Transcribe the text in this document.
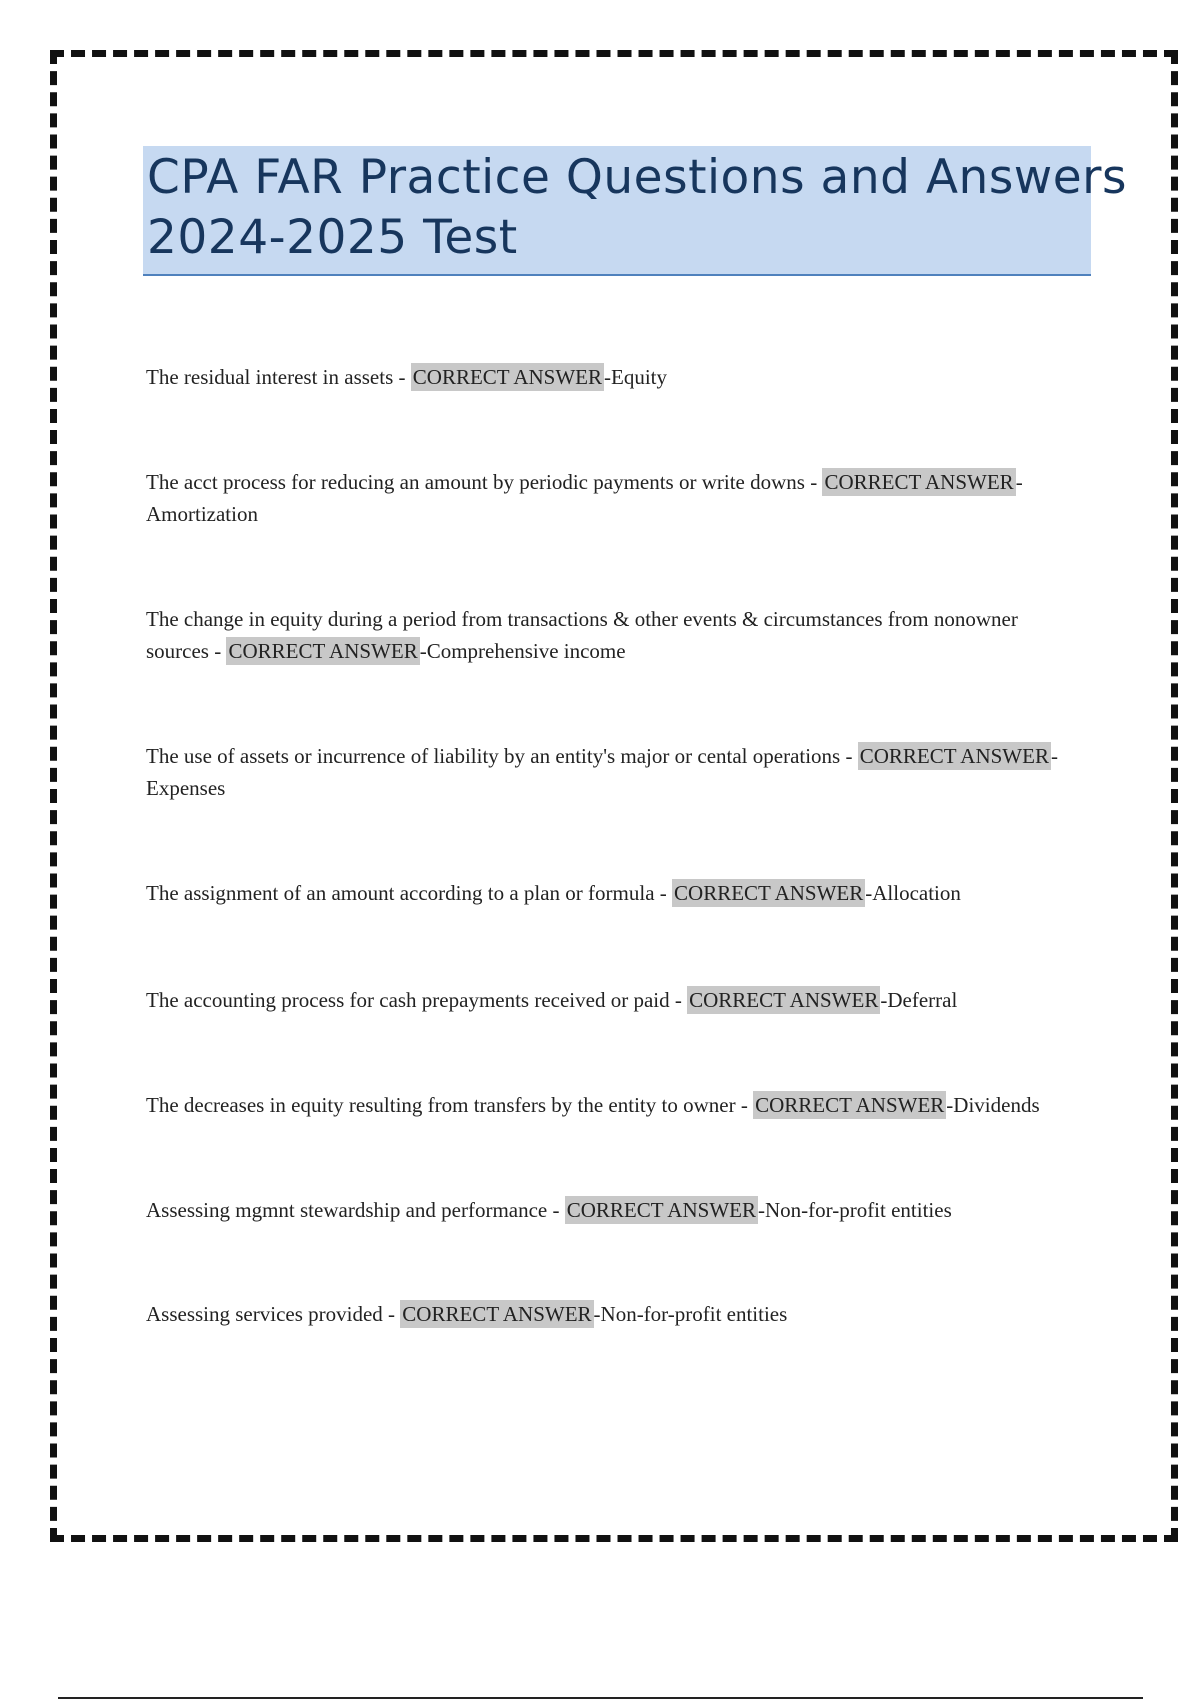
CPA FAR Practice Questions and Answers
2024-2025 Test
The residual interest in assets - CORRECT ANSWER-Equity
The acct process for reducing an amount by periodic payments or write downs - CORRECT ANSWER-Amortization
The change in equity during a period from transactions & other events & circumstances from nonowner sources - CORRECT ANSWER-Comprehensive income
The use of assets or incurrence of liability by an entity's major or cental operations - CORRECT ANSWER-Expenses
The assignment of an amount according to a plan or formula - CORRECT ANSWER-Allocation
The accounting process for cash prepayments received or paid - CORRECT ANSWER-Deferral
The decreases in equity resulting from transfers by the entity to owner - CORRECT ANSWER-Dividends
Assessing mgmnt stewardship and performance - CORRECT ANSWER-Non-for-profit entities
Assessing services provided - CORRECT ANSWER-Non-for-profit entities
